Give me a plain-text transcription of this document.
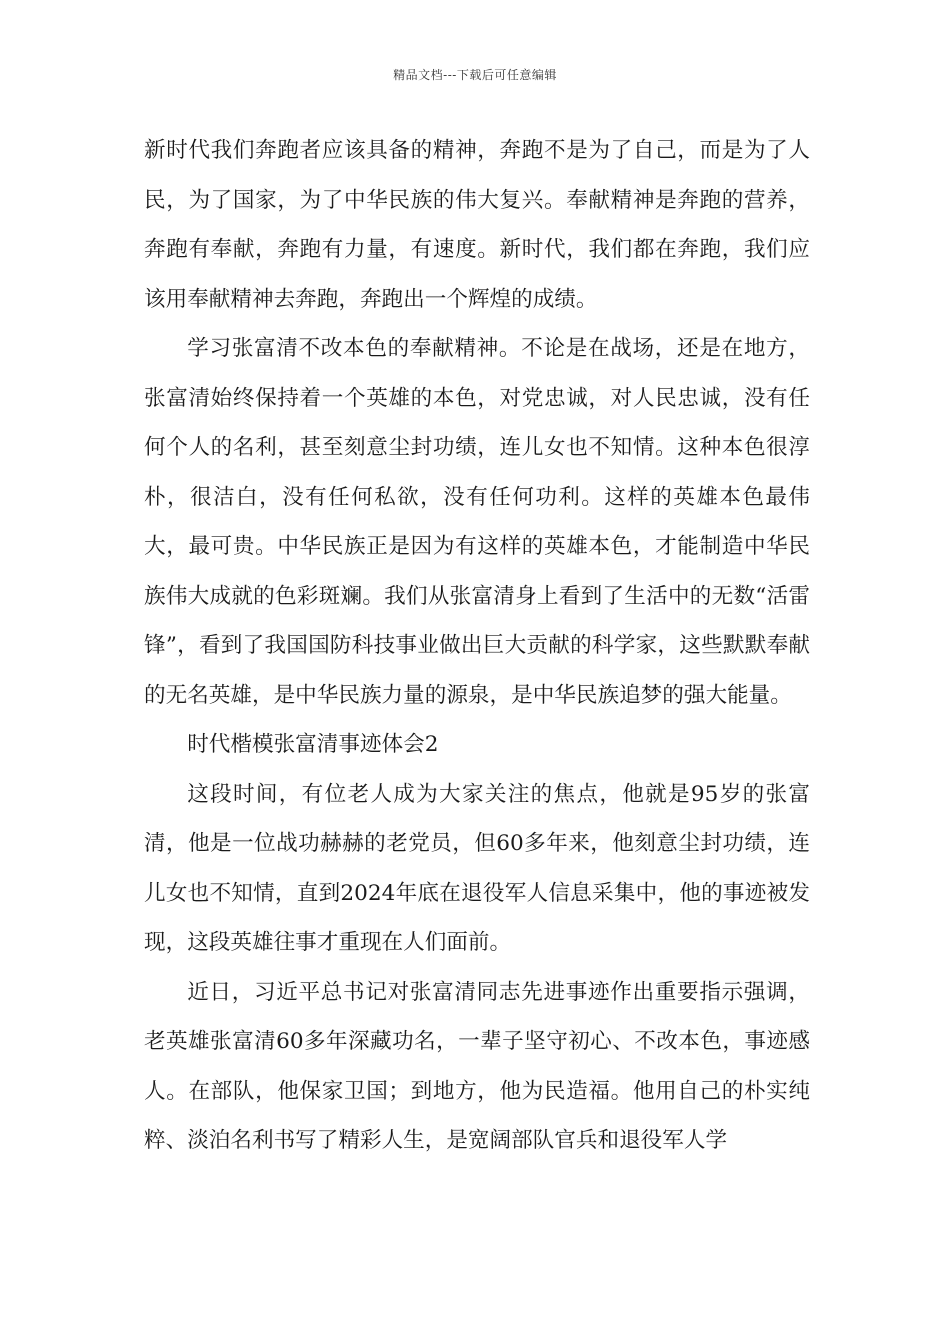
精品文档---下载后可任意编辑

新时代我们奔跑者应该具备的精神，奔跑不是为了自己，而是为了人民，为了国家，为了中华民族的伟大复兴。奉献精神是奔跑的营养，奔跑有奉献，奔跑有力量，有速度。新时代，我们都在奔跑，我们应该用奉献精神去奔跑，奔跑出一个辉煌的成绩。

学习张富清不改本色的奉献精神。不论是在战场，还是在地方，张富清始终保持着一个英雄的本色，对党忠诚，对人民忠诚，没有任何个人的名利，甚至刻意尘封功绩，连儿女也不知情。这种本色很淳朴，很洁白，没有任何私欲，没有任何功利。这样的英雄本色最伟大，最可贵。中华民族正是因为有这样的英雄本色，才能制造中华民族伟大成就的色彩斑斓。我们从张富清身上看到了生活中的无数“活雷锋”，看到了我国国防科技事业做出巨大贡献的科学家，这些默默奉献的无名英雄，是中华民族力量的源泉，是中华民族追梦的强大能量。

时代楷模张富清事迹体会2

这段时间，有位老人成为大家关注的焦点，他就是95岁的张富清，他是一位战功赫赫的老党员，但60多年来，他刻意尘封功绩，连儿女也不知情，直到2024年底在退役军人信息采集中，他的事迹被发现，这段英雄往事才重现在人们面前。

近日，习近平总书记对张富清同志先进事迹作出重要指示强调，老英雄张富清60多年深藏功名，一辈子坚守初心、不改本色，事迹感人。在部队，他保家卫国；到地方，他为民造福。他用自己的朴实纯粹、淡泊名利书写了精彩人生，是宽阔部队官兵和退役军人学
